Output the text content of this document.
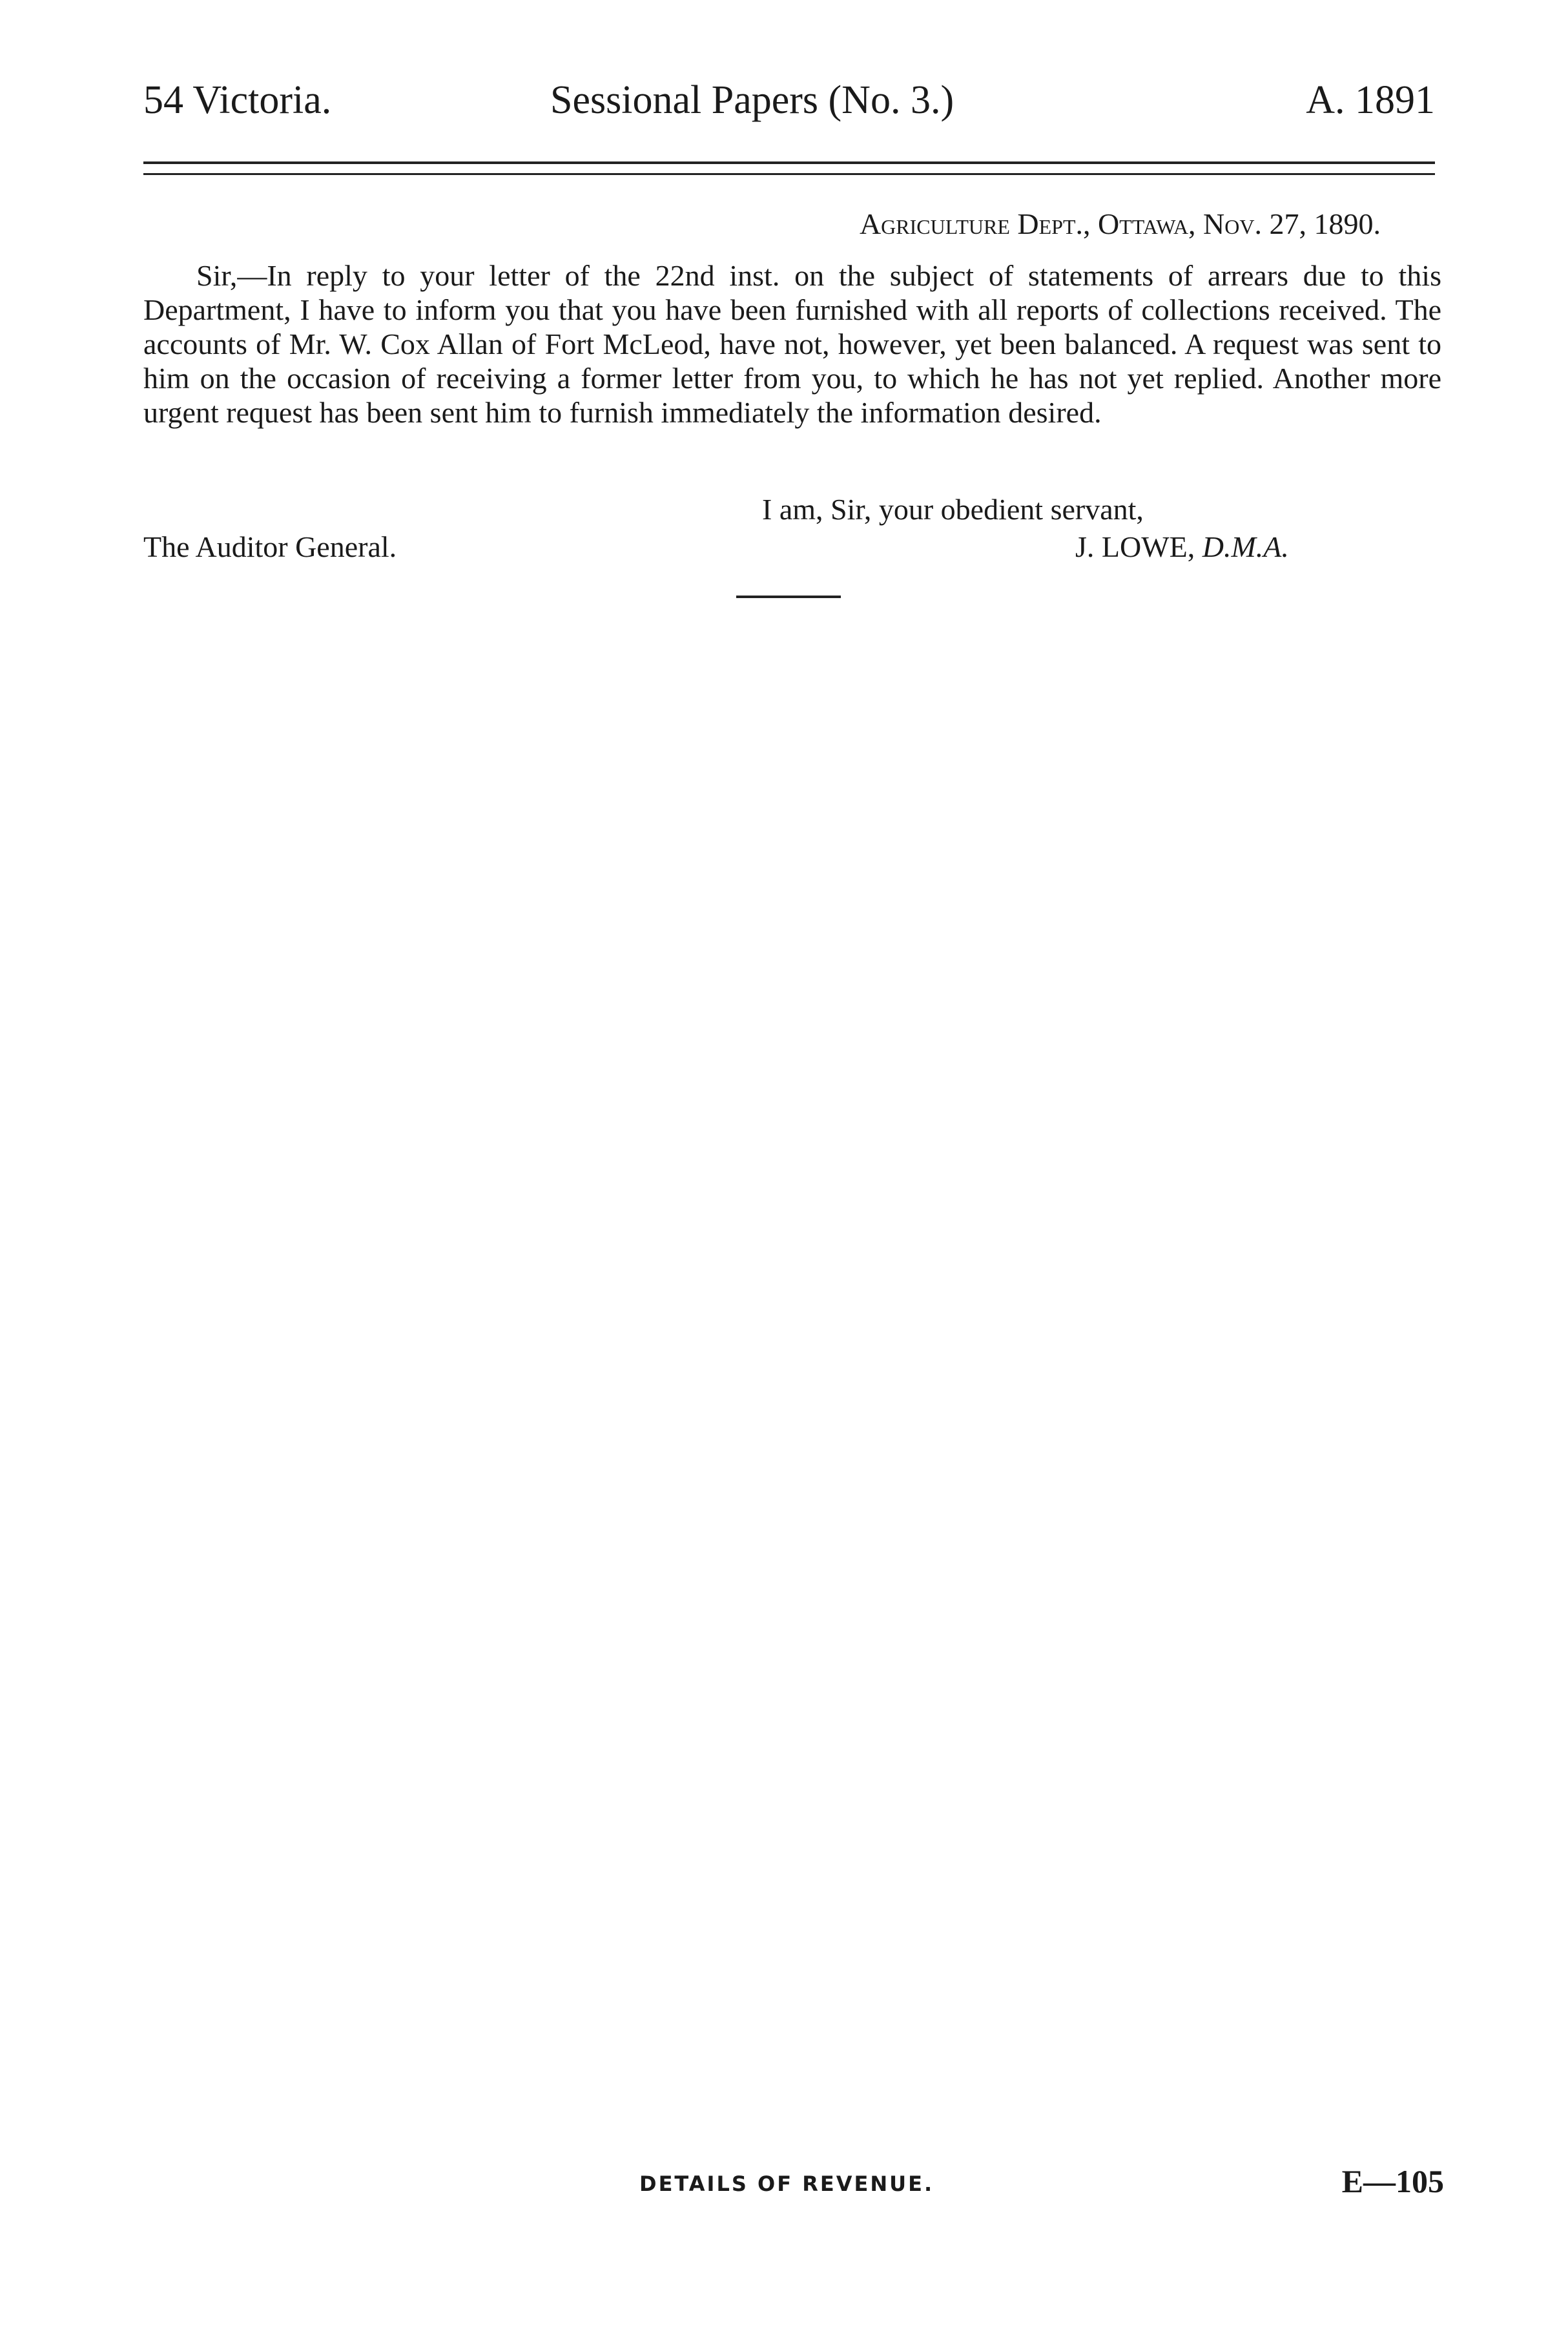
54 Victoria.	Sessional Papers (No. 3.)	A. 1891
Agriculture Dept., Ottawa, Nov. 27, 1890.

Sir,—In reply to your letter of the 22nd inst. on the subject of statements of arrears due to this Department, I have to inform you that you have been furnished with all reports of collections received. The accounts of Mr. W. Cox Allan of Fort McLeod, have not, however, yet been balanced. A request was sent to him on the occasion of receiving a former letter from you, to which he has not yet replied. Another more urgent request has been sent him to furnish immediately the information desired.

I am, Sir, your obedient servant,
The Auditor General.	J. LOWE, D.M.A.
DETAILS OF REVENUE.	E—105
